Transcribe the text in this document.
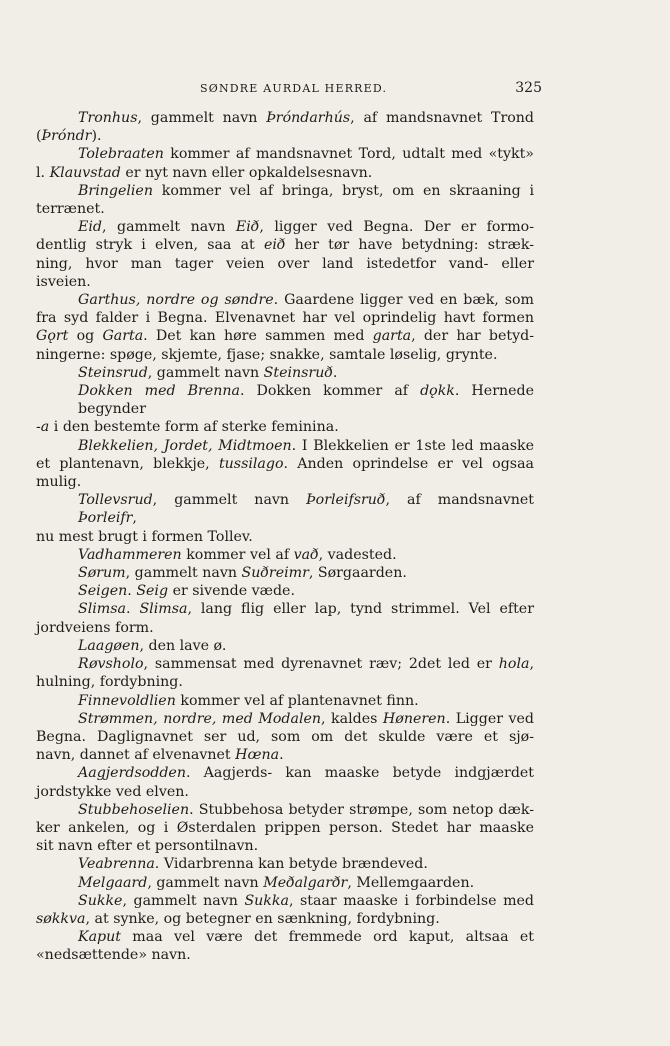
SØNDRE AURDAL HERRED.	325
Tronhus, gammelt navn Þróndarhús, af mandsnavnet Trond
(Þróndr).
Tolebraaten kommer af mandsnavnet Tord, udtalt med «tykt»
l. Klauvstad er nyt navn eller opkaldelsesnavn.
Bringelien kommer vel af bringa, bryst, om en skraaning i
terrænet.
Eid, gammelt navn Eið, ligger ved Begna. Der er formo-
dentlig stryk i elven, saa at eið her tør have betydning: stræk-
ning, hvor man tager veien over land istedetfor vand- eller
isveien.
Garthus, nordre og søndre. Gaardene ligger ved en bæk, som
fra syd falder i Begna. Elvenavnet har vel oprindelig havt formen
Gǫrt og Garta. Det kan høre sammen med garta, der har betyd-
ningerne: spøge, skjemte, fjase; snakke, samtale løselig, grynte.
Steinsrud, gammelt navn Steinsruð.
Dokken med Brenna. Dokken kommer af dǫkk. Hernede begynder
-a i den bestemte form af sterke feminina.
Blekkelien, Jordet, Midtmoen. I Blekkelien er 1ste led maaske
et plantenavn, blekkje, tussilago. Anden oprindelse er vel ogsaa
mulig.
Tollevsrud, gammelt navn Þorleifsruð, af mandsnavnet Þorleifr,
nu mest brugt i formen Tollev.
Vadhammeren kommer vel af vað, vadested.
Sørum, gammelt navn Suðreimr, Sørgaarden.
Seigen. Seig er sivende væde.
Slimsa. Slimsa, lang flig eller lap, tynd strimmel. Vel efter
jordveiens form.
Laagøen, den lave ø.
Røvsholo, sammensat med dyrenavnet ræv; 2det led er hola,
hulning, fordybning.
Finnevoldlien kommer vel af plantenavnet finn.
Strømmen, nordre, med Modalen, kaldes Høneren. Ligger ved
Begna. Daglignavnet ser ud, som om det skulde være et sjø-
navn, dannet af elvenavnet Hœna.
Aagjerdsodden. Aagjerds- kan maaske betyde indgjærdet
jordstykke ved elven.
Stubbehoselien. Stubbehosa betyder strømpe, som netop dæk-
ker ankelen, og i Østerdalen prippen person. Stedet har maaske
sit navn efter et persontilnavn.
Veabrenna. Vidarbrenna kan betyde brændeved.
Melgaard, gammelt navn Meðalgarðr, Mellemgaarden.
Sukke, gammelt navn Sukka, staar maaske i forbindelse med
søkkva, at synke, og betegner en sænkning, fordybning.
Kaput maa vel være det fremmede ord kaput, altsaa et
«nedsættende» navn.
